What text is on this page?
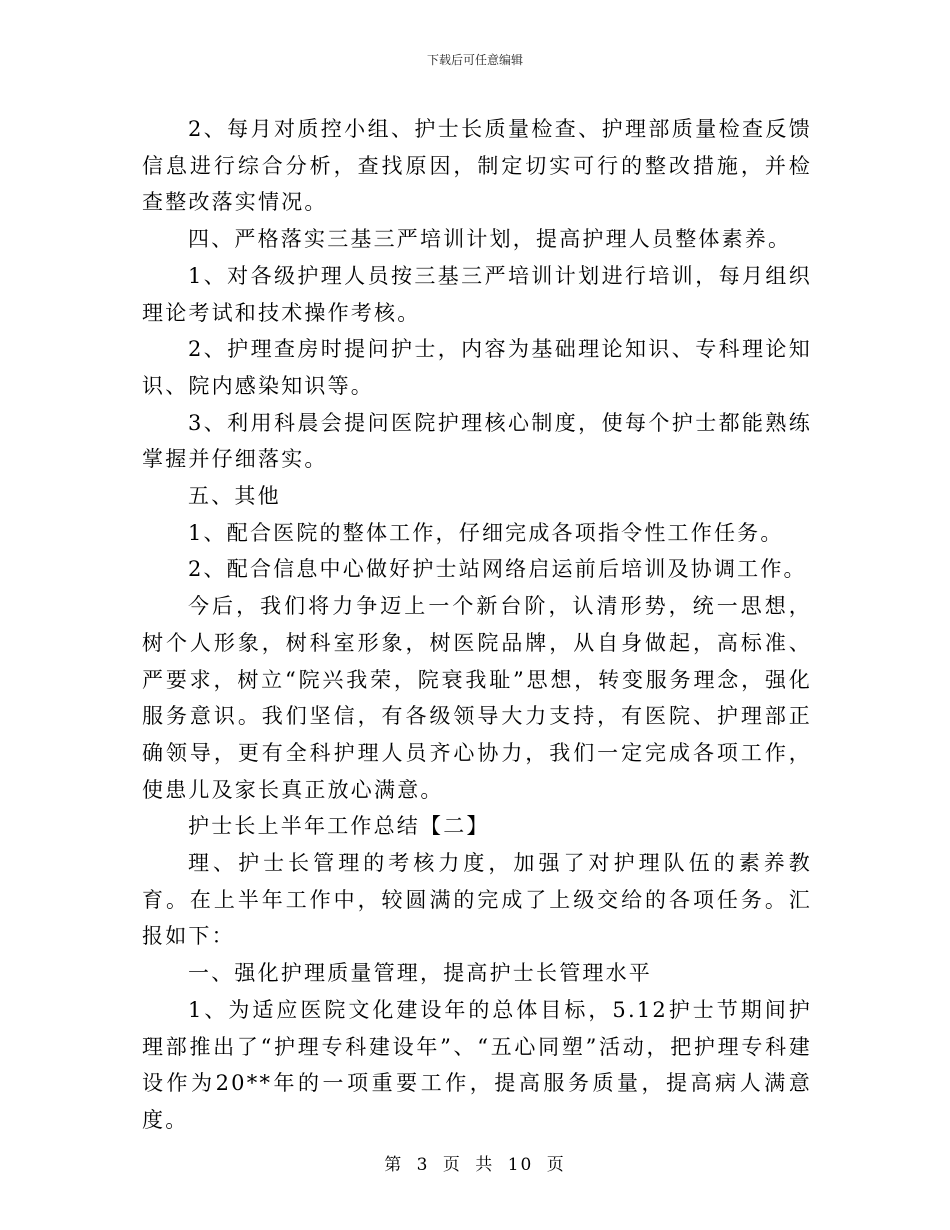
下载后可任意编辑

2、每月对质控小组、护士长质量检查、护理部质量检查反馈信息进行综合分析，查找原因，制定切实可行的整改措施，并检查整改落实情况。

四、严格落实三基三严培训计划，提高护理人员整体素养。

1、对各级护理人员按三基三严培训计划进行培训，每月组织理论考试和技术操作考核。

2、护理查房时提问护士，内容为基础理论知识、专科理论知识、院内感染知识等。

3、利用科晨会提问医院护理核心制度，使每个护士都能熟练掌握并仔细落实。

五、其他

1、配合医院的整体工作，仔细完成各项指令性工作任务。

2、配合信息中心做好护士站网络启运前后培训及协调工作。

今后，我们将力争迈上一个新台阶，认清形势，统一思想，树个人形象，树科室形象，树医院品牌，从自身做起，高标准、严要求，树立“院兴我荣，院衰我耻”思想，转变服务理念，强化服务意识。我们坚信，有各级领导大力支持，有医院、护理部正确领导，更有全科护理人员齐心协力，我们一定完成各项工作，使患儿及家长真正放心满意。

护士长上半年工作总结【二】

理、护士长管理的考核力度，加强了对护理队伍的素养教育。在上半年工作中，较圆满的完成了上级交给的各项任务。汇报如下：

一、强化护理质量管理，提高护士长管理水平

1、为适应医院文化建设年的总体目标，5.12护士节期间护理部推出了“护理专科建设年”、“五心同塑”活动，把护理专科建设作为20**年的一项重要工作，提高服务质量，提高病人满意度。

第 3 页 共 10 页
